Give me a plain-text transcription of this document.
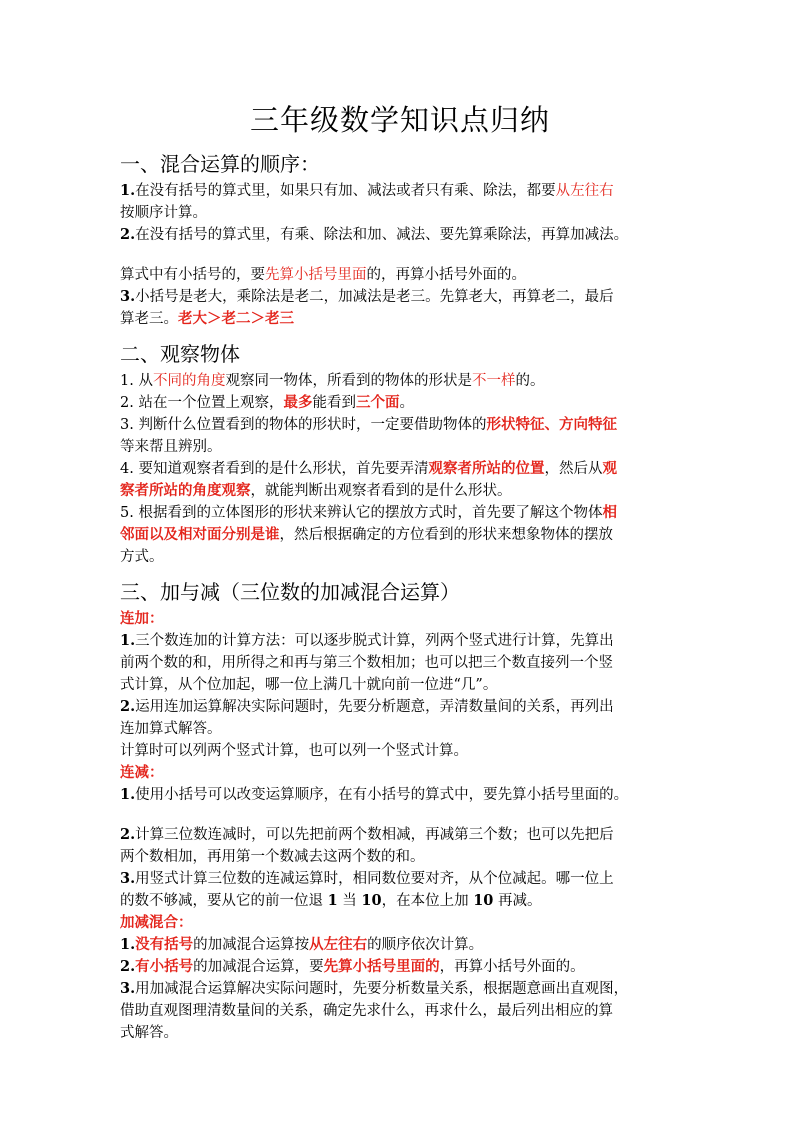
三年级数学知识点归纳
一、混合运算的顺序：
1.在没有括号的算式里，如果只有加、减法或者只有乘、除法，都要从左往右
按顺序计算。
2.在没有括号的算式里，有乘、除法和加、减法、要先算乘除法，再算加减法。
算式中有小括号的，要先算小括号里面的，再算小括号外面的。
3.小括号是老大，乘除法是老二，加减法是老三。先算老大，再算老二，最后
算老三。老大＞老二＞老三
二、观察物体
1. 从不同的角度观察同一物体，所看到的物体的形状是不一样的。
2. 站在一个位置上观察，最多能看到三个面。
3. 判断什么位置看到的物体的形状时，一定要借助物体的形状特征、方向特征
等来帮且辨别。
4. 要知道观察者看到的是什么形状，首先要弄清观察者所站的位置，然后从观
察者所站的角度观察，就能判断出观察者看到的是什么形状。
5. 根据看到的立体图形的形状来辨认它的摆放方式时，首先要了解这个物体相
邻面以及相对面分别是谁，然后根据确定的方位看到的形状来想象物体的摆放
方式。
三、加与减（三位数的加减混合运算）
连加：
1.三个数连加的计算方法：可以逐步脱式计算，列两个竖式进行计算，先算出
前两个数的和，用所得之和再与第三个数相加；也可以把三个数直接列一个竖
式计算，从个位加起，哪一位上满几十就向前一位进“几”。
2.运用连加运算解决实际问题时，先要分析题意，弄清数量间的关系，再列出
连加算式解答。
计算时可以列两个竖式计算，也可以列一个竖式计算。
连减：
1.使用小括号可以改变运算顺序，在有小括号的算式中，要先算小括号里面的。
2.计算三位数连减时，可以先把前两个数相减，再减第三个数；也可以先把后
两个数相加，再用第一个数减去这两个数的和。
3.用竖式计算三位数的连减运算时，相同数位要对齐，从个位减起。哪一位上
的数不够减，要从它的前一位退 1 当 10，在本位上加 10 再减。
加减混合：
1.没有括号的加减混合运算按从左往右的顺序依次计算。
2.有小括号的加减混合运算，要先算小括号里面的，再算小括号外面的。
3.用加减混合运算解决实际问题时，先要分析数量关系，根据题意画出直观图，
借助直观图理清数量间的关系，确定先求什么，再求什么，最后列出相应的算
式解答。
